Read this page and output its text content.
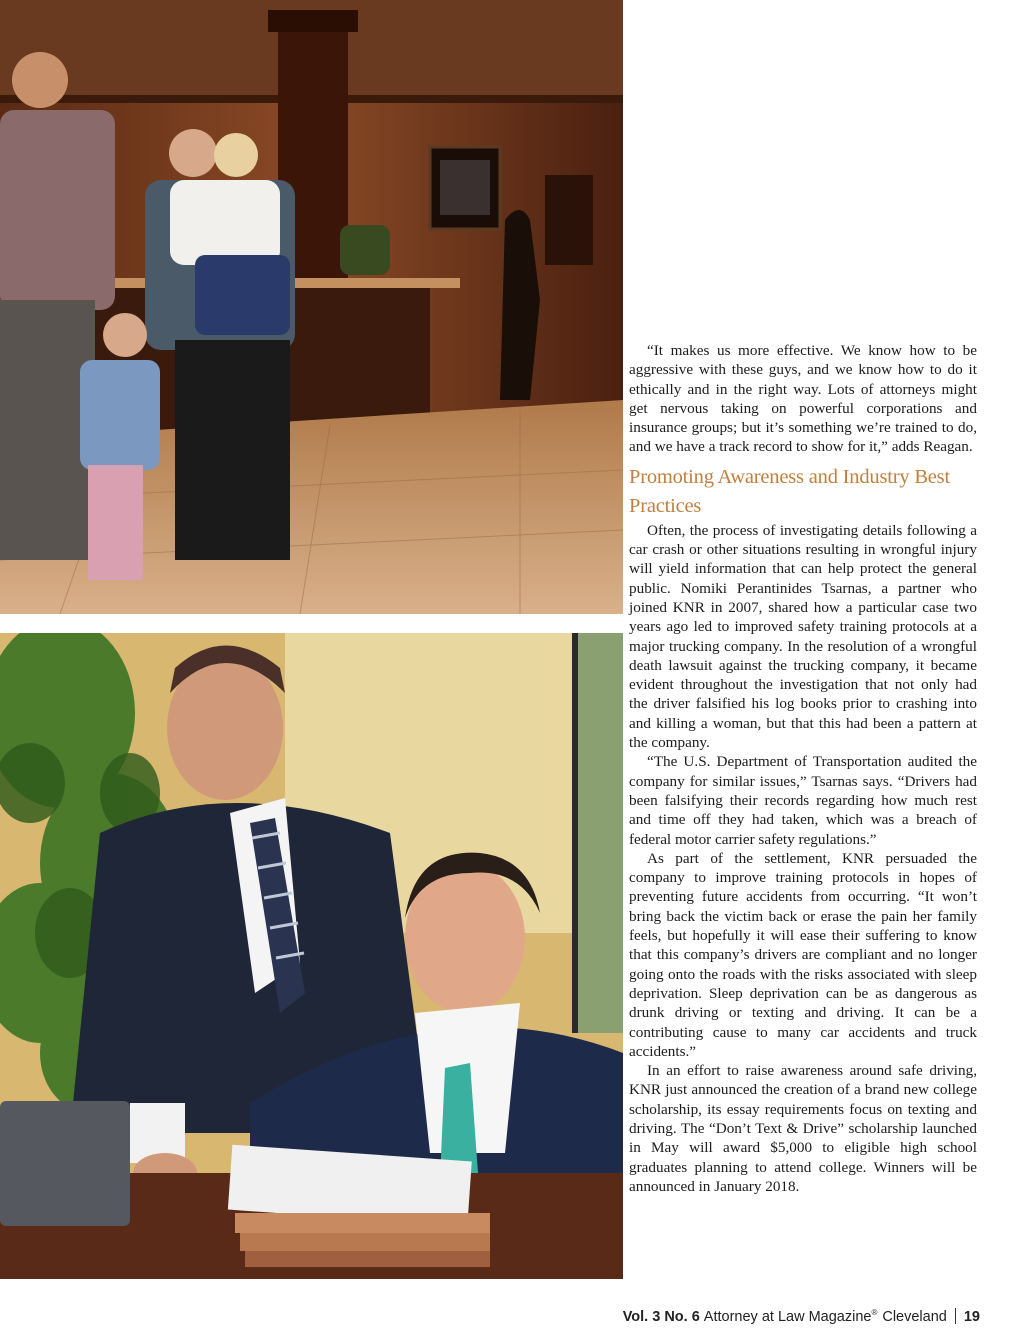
“It makes us more effective. We know how to be aggressive with these guys, and we know how to do it ethically and in the right way. Lots of attorneys might get nervous taking on powerful corporations and insurance groups; but it’s something we’re trained to do, and we have a track record to show for it,” adds Reagan.

Promoting Awareness and Industry Best Practices

Often, the process of investigating details following a car crash or other situations resulting in wrongful injury will yield information that can help protect the general public. Nomiki Perantinides Tsarnas, a partner who joined KNR in 2007, shared how a particular case two years ago led to improved safety training protocols at a major trucking company. In the resolution of a wrongful death lawsuit against the trucking company, it became evident throughout the investigation that not only had the driver falsified his log books prior to crashing into and killing a woman, but that this had been a pattern at the company.

“The U.S. Department of Transportation audited the company for similar issues,” Tsarnas says. “Drivers had been falsifying their records regarding how much rest and time off they had taken, which was a breach of federal motor carrier safety regulations.”

As part of the settlement, KNR persuaded the company to improve training protocols in hopes of preventing future accidents from occurring. “It won’t bring back the victim back or erase the pain her family feels, but hopefully it will ease their suffering to know that this company’s drivers are compliant and no longer going onto the roads with the risks associated with sleep deprivation. Sleep deprivation can be as dangerous as drunk driving or texting and driving. It can be a contributing cause to many car accidents and truck accidents.”

In an effort to raise awareness around safe driving, KNR just announced the creation of a brand new college scholarship, its essay requirements focus on texting and driving. The “Don’t Text & Drive” scholarship launched in May will award $5,000 to eligible high school graduates planning to attend college. Winners will be announced in January 2018.

Vol. 3 No. 6 Attorney at Law Magazine® Cleveland 19
